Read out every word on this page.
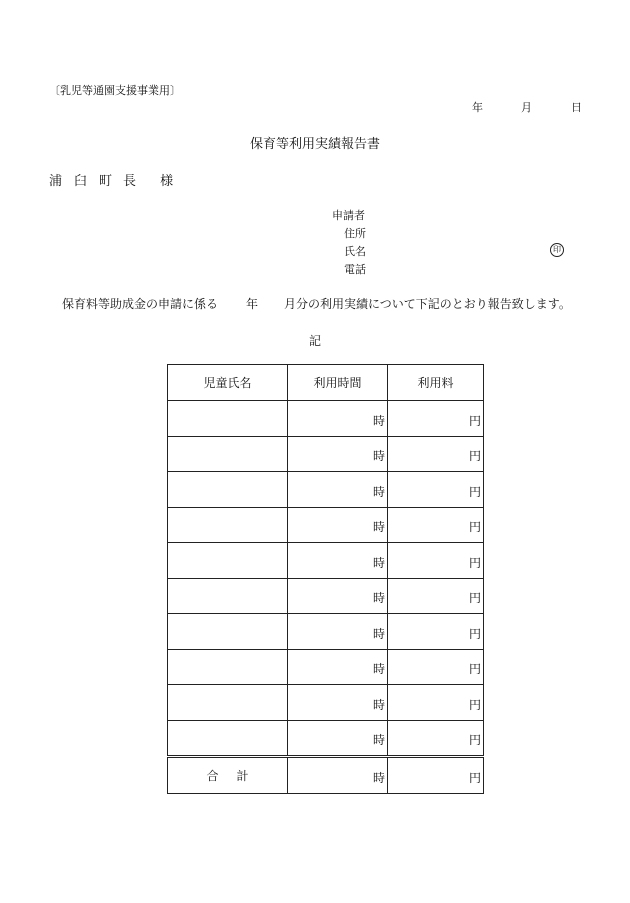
〔乳児等通園支援事業用〕
年	月	日
保育等利用実績報告書
浦 臼 町 長 様
申請者
住所
氏名
電話
印
保育料等助成金の申請に係る 年 月分の利用実績について下記のとおり報告致します。
記
児童氏名	利用時間	利用料
	時	円
	時	円
	時	円
	時	円
	時	円
	時	円
	時	円
	時	円
	時	円
	時	円
合計	時	円
